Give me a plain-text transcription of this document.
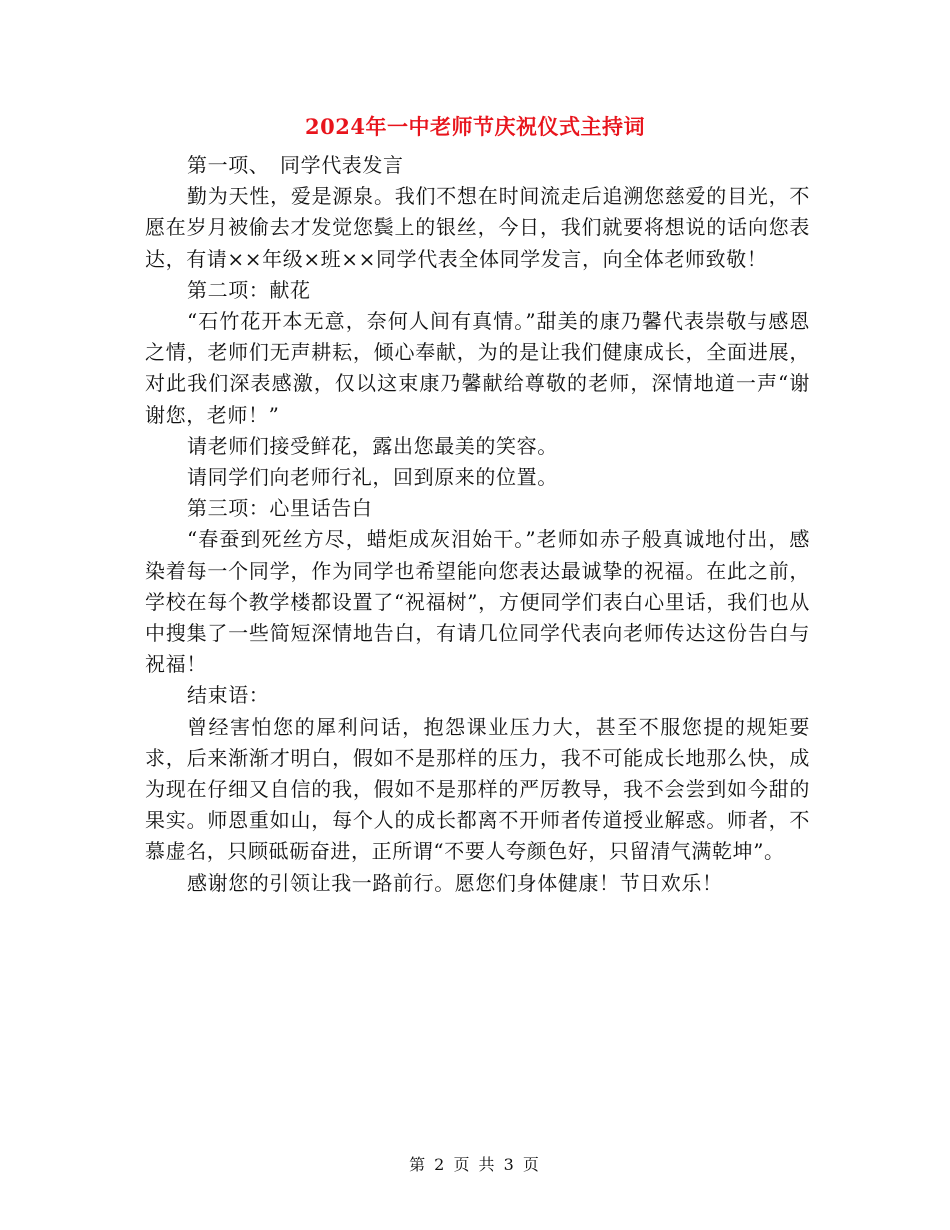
2024年一中老师节庆祝仪式主持词

第一项、　同学代表发言

勤为天性，爱是源泉。我们不想在时间流走后追溯您慈爱的目光，不愿在岁月被偷去才发觉您鬓上的银丝，今日，我们就要将想说的话向您表达，有请××年级×班××同学代表全体同学发言，向全体老师致敬！

第二项：献花

“石竹花开本无意，奈何人间有真情。”甜美的康乃馨代表崇敬与感恩之情，老师们无声耕耘，倾心奉献，为的是让我们健康成长，全面进展，对此我们深表感激，仅以这束康乃馨献给尊敬的老师，深情地道一声“谢谢您，老师！”

请老师们接受鲜花，露出您最美的笑容。

请同学们向老师行礼，回到原来的位置。

第三项：心里话告白

“春蚕到死丝方尽，蜡炬成灰泪始干。”老师如赤子般真诚地付出，感染着每一个同学，作为同学也希望能向您表达最诚挚的祝福。在此之前，学校在每个教学楼都设置了“祝福树”，方便同学们表白心里话，我们也从中搜集了一些简短深情地告白，有请几位同学代表向老师传达这份告白与祝福！

结束语：

曾经害怕您的犀利问话，抱怨课业压力大，甚至不服您提的规矩要求，后来渐渐才明白，假如不是那样的压力，我不可能成长地那么快，成为现在仔细又自信的我，假如不是那样的严厉教导，我不会尝到如今甜的果实。师恩重如山，每个人的成长都离不开师者传道授业解惑。师者，不慕虚名，只顾砥砺奋进，正所谓“不要人夸颜色好，只留清气满乾坤”。

感谢您的引领让我一路前行。愿您们身体健康！节日欢乐！

第 2 页 共 3 页
